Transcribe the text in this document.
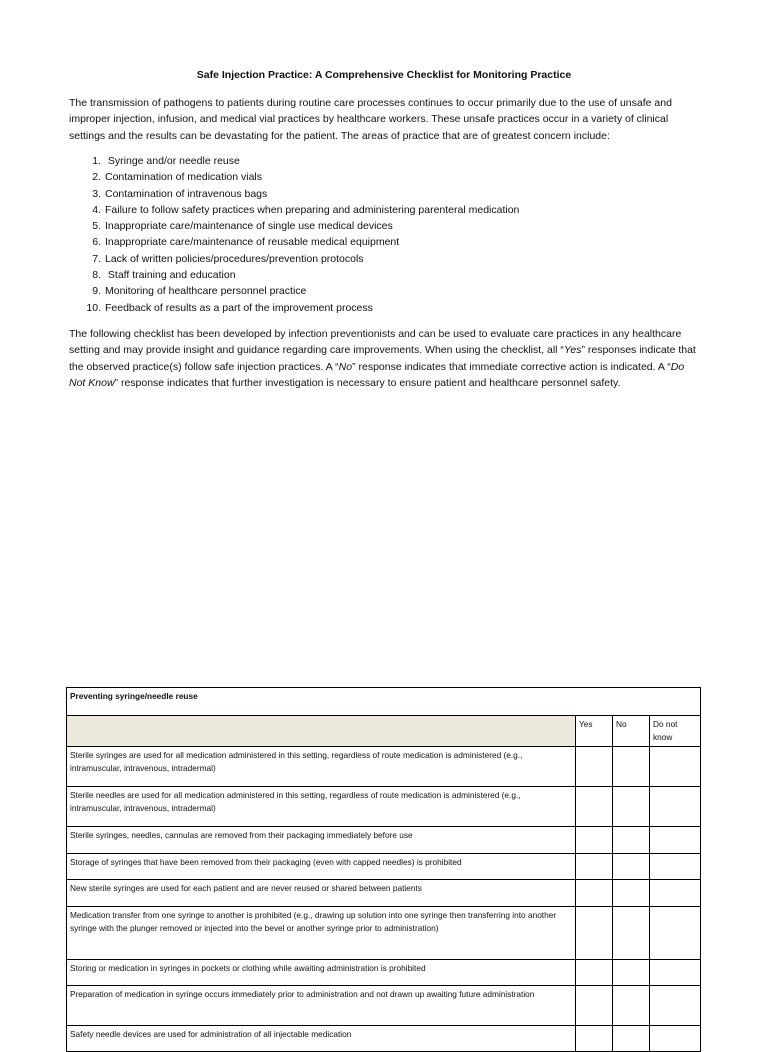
Safe Injection Practice: A Comprehensive Checklist for Monitoring Practice

The transmission of pathogens to patients during routine care processes continues to occur primarily due to the use of unsafe and improper injection, infusion, and medical vial practices by healthcare workers. These unsafe practices occur in a variety of clinical settings and the results can be devastating for the patient. The areas of practice that are of greatest concern include:

1. Syringe and/or needle reuse
2. Contamination of medication vials
3. Contamination of intravenous bags
4. Failure to follow safety practices when preparing and administering parenteral medication
5. Inappropriate care/maintenance of single use medical devices
6. Inappropriate care/maintenance of reusable medical equipment
7. Lack of written policies/procedures/prevention protocols
8. Staff training and education
9. Monitoring of healthcare personnel practice
10. Feedback of results as a part of the improvement process

The following checklist has been developed by infection preventionists and can be used to evaluate care practices in any healthcare setting and may provide insight and guidance regarding care improvements. When using the checklist, all “Yes” responses indicate that the observed practice(s) follow safe injection practices. A “No” response indicates that immediate corrective action is indicated. A “Do Not Know” response indicates that further investigation is necessary to ensure patient and healthcare personnel safety.

Preventing syringe/needle reuse			
	Yes	No	Do not know
Sterile syringes are used for all medication administered in this setting, regardless of route medication is administered (e.g., intramuscular, intravenous, intradermal)			
Sterile needles are used for all medication administered in this setting, regardless of route medication is administered (e.g., intramuscular, intravenous, intradermal)			
Sterile syringes, needles, cannulas are removed from their packaging immediately before use			
Storage of syringes that have been removed from their packaging (even with capped needles) is prohibited			
New sterile syringes are used for each patient and are never reused or shared between patients			
Medication transfer from one syringe to another is prohibited (e.g., drawing up solution into one syringe then transferring into another syringe with the plunger removed or injected into the bevel or another syringe prior to administration)			
Storing or medication in syringes in pockets or clothing while awaiting administration is prohibited			
Preparation of medication in syringe occurs immediately prior to administration and not drawn up awaiting future administration			
Safety needle devices are used for administration of all injectable medication			
